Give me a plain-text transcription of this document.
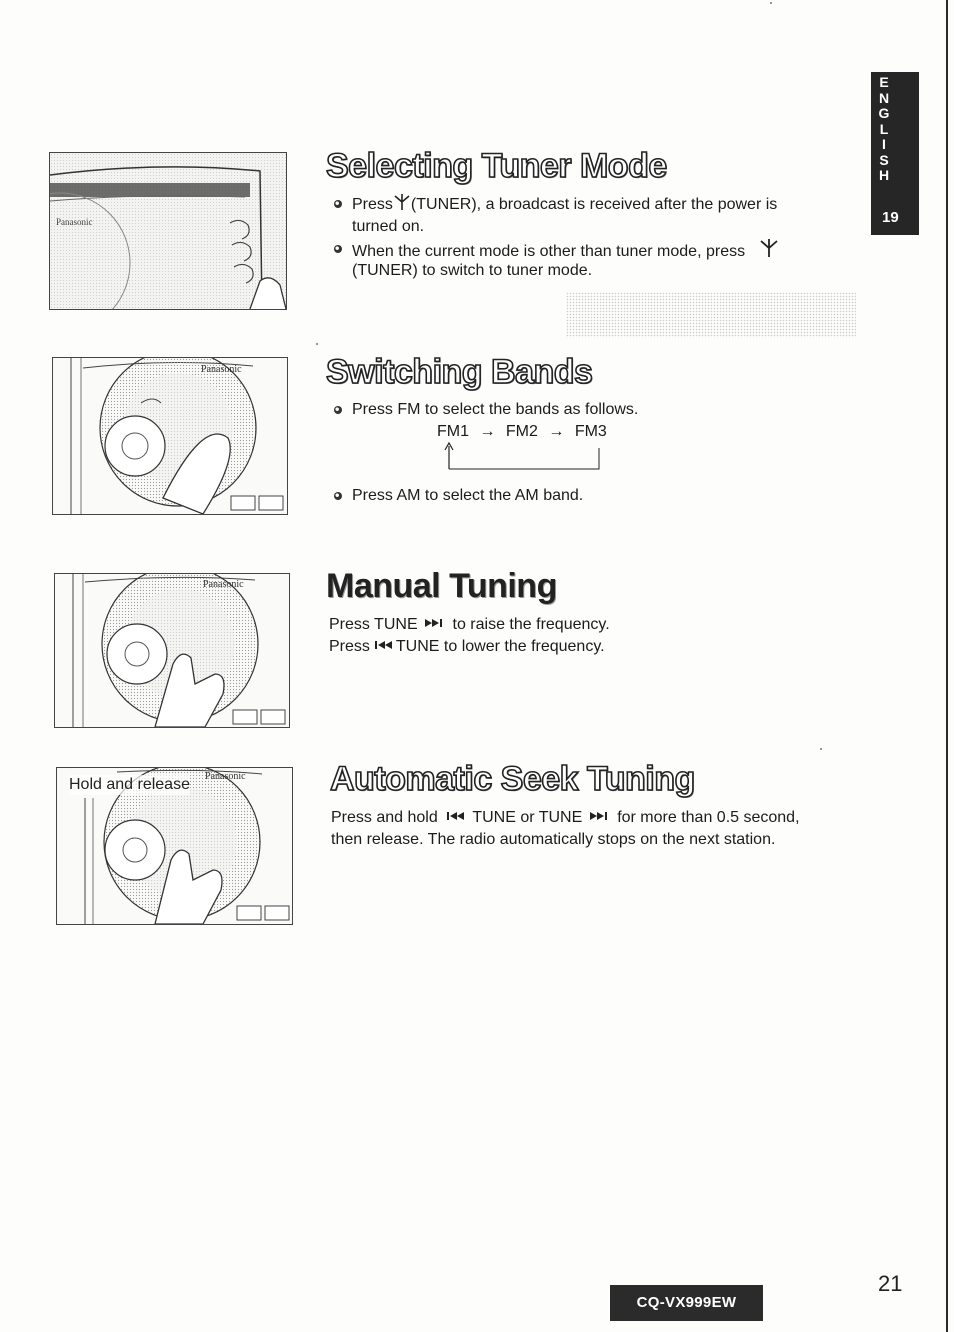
E
N
G
L
I
S
H
19
Panasonic
Selecting Tuner Mode
Press (TUNER), a broadcast is received after the power is
turned on.
When the current mode is other than tuner mode, press
(TUNER) to switch to tuner mode.
Panasonic Switching Bands
Press FM to select the bands as follows.
FM1 → FM2 → FM3
Press AM to select the AM band.
Panasonic Manual Tuning
Press TUNE to raise the frequency.
Press TUNE to lower the frequency.
Panasonic
Hold and release	Automatic Seek Tuning
Press and hold TUNE or TUNE for more than 0.5 second,
then release. The radio automatically stops on the next station.
21
CQ-VX999EW
